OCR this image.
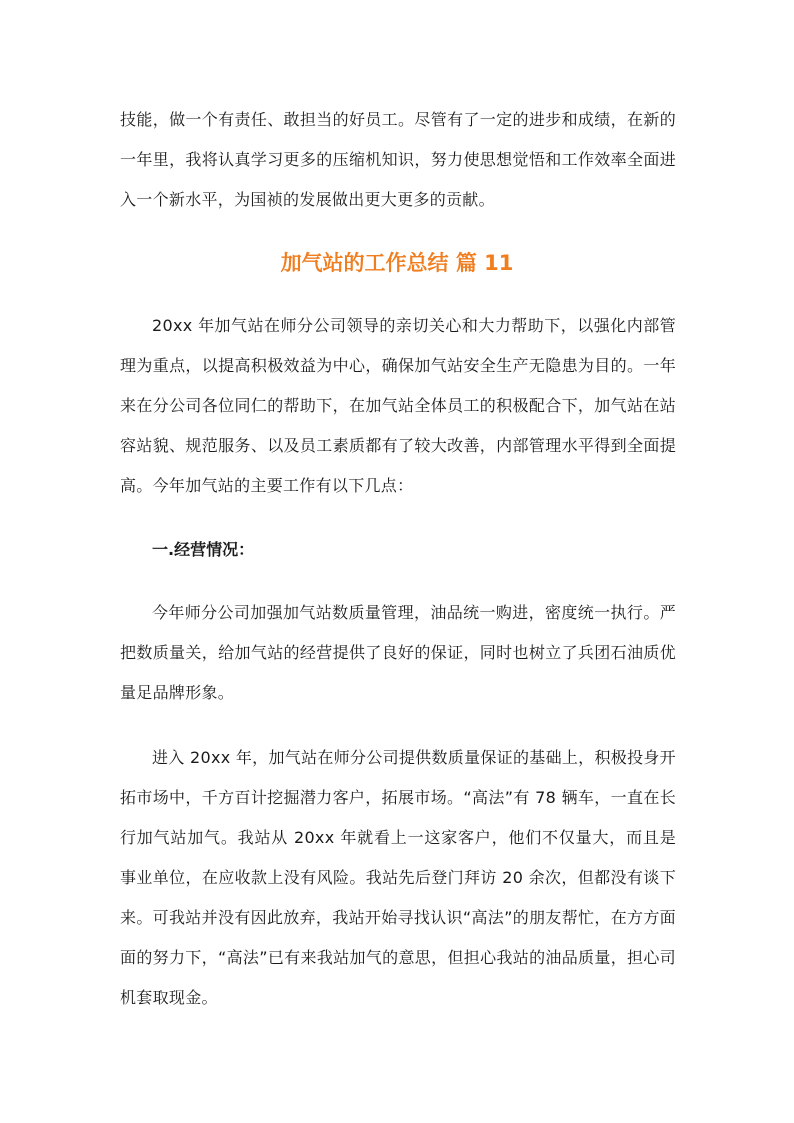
技能，做一个有责任、敢担当的好员工。尽管有了一定的进步和成绩，在新的一年里，我将认真学习更多的压缩机知识，努力使思想觉悟和工作效率全面进入一个新水平，为国祯的发展做出更大更多的贡献。

加气站的工作总结 篇 11

20xx 年加气站在师分公司领导的亲切关心和大力帮助下，以强化内部管理为重点，以提高积极效益为中心，确保加气站安全生产无隐患为目的。一年来在分公司各位同仁的帮助下，在加气站全体员工的积极配合下，加气站在站容站貌、规范服务、以及员工素质都有了较大改善，内部管理水平得到全面提高。今年加气站的主要工作有以下几点：

一.经营情况：

今年师分公司加强加气站数质量管理，油品统一购进，密度统一执行。严把数质量关，给加气站的经营提供了良好的保证，同时也树立了兵团石油质优量足品牌形象。

进入 20xx 年，加气站在师分公司提供数质量保证的基础上，积极投身开拓市场中，千方百计挖掘潜力客户，拓展市场。“高法”有 78 辆车，一直在长行加气站加气。我站从 20xx 年就看上一这家客户，他们不仅量大，而且是事业单位，在应收款上没有风险。我站先后登门拜访 20 余次，但都没有谈下来。可我站并没有因此放弃，我站开始寻找认识“高法”的朋友帮忙，在方方面面的努力下，“高法”已有来我站加气的意思，但担心我站的油品质量，担心司机套取现金。
